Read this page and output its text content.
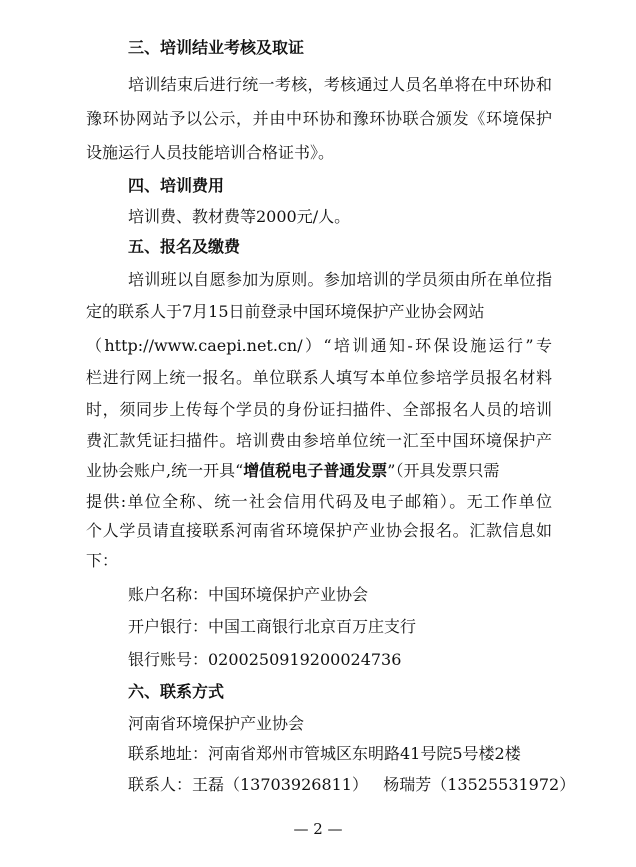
三、培训结业考核及取证

培训结束后进行统一考核，考核通过人员名单将在中环协和

豫环协网站予以公示，并由中环协和豫环协联合颁发《环境保护

设施运行人员技能培训合格证书》。

四、培训费用

培训费、教材费等2000元/人。

五、报名及缴费

培训班以自愿参加为原则。参加培训的学员须由所在单位指

定的联系人于7月15日前登录中国环境保护产业协会网站

（http://www.caepi.net.cn/）“培训通知-环保设施运行”专

栏进行网上统一报名。单位联系人填写本单位参培学员报名材料

时，须同步上传每个学员的身份证扫描件、全部报名人员的培训

费汇款凭证扫描件。培训费由参培单位统一汇至中国环境保护产

业协会账户,统一开具“增值税电子普通发票”（开具发票只需

提供:单位全称、统一社会信用代码及电子邮箱）。无工作单位

个人学员请直接联系河南省环境保护产业协会报名。汇款信息如

下：

账户名称：中国环境保护产业协会

开户银行：中国工商银行北京百万庄支行

银行账号：0200250919200024736

六、联系方式

河南省环境保护产业协会

联系地址：河南省郑州市管城区东明路41号院5号楼2楼

联系人：王磊（13703926811）   杨瑞芳（13525531972）

— 2 —
